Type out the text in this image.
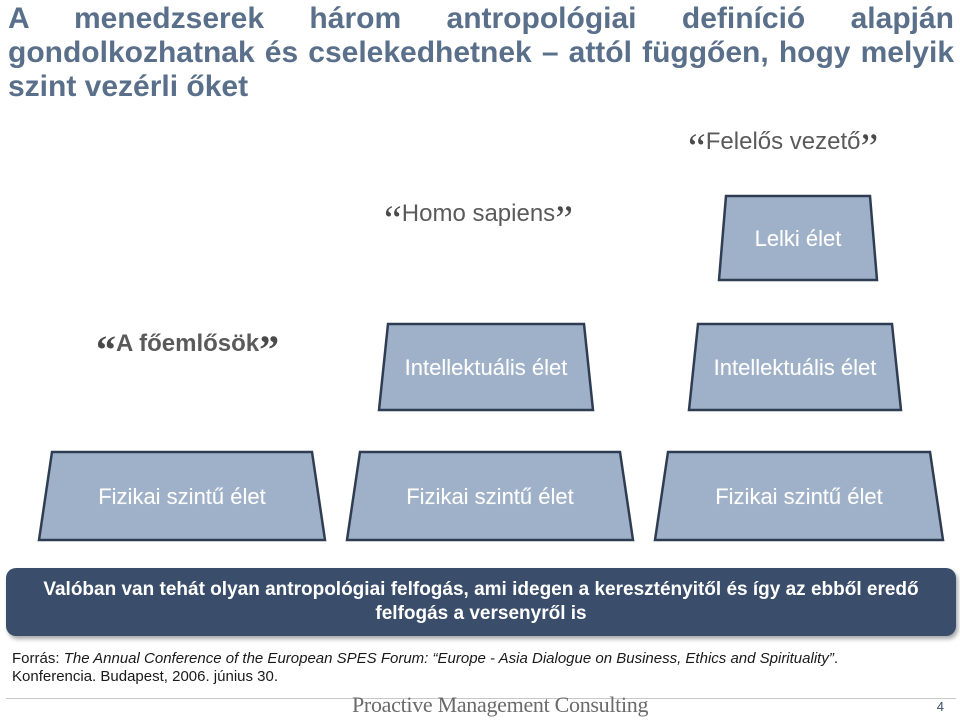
A menedzserek három antropológiai definíció alapján gondolkozhatnak és cselekedhetnek – attól függően, hogy melyik szint vezérli őket
“A főemlősök”
“Homo sapiens”
“Felelős vezető”
Lelki élet
Intellektuális élet	Intellektuális élet
Fizikai szintű élet	Fizikai szintű élet	Fizikai szintű élet
Valóban van tehát olyan antropológiai felfogás, ami idegen a keresztényitől és így az ebből eredő felfogás a versenyről is
Forrás: The Annual Conference of the European SPES Forum: “Europe - Asia Dialogue on Business, Ethics and Spirituality”. Konferencia. Budapest, 2006. június 30.
Proactive Management Consulting	4
